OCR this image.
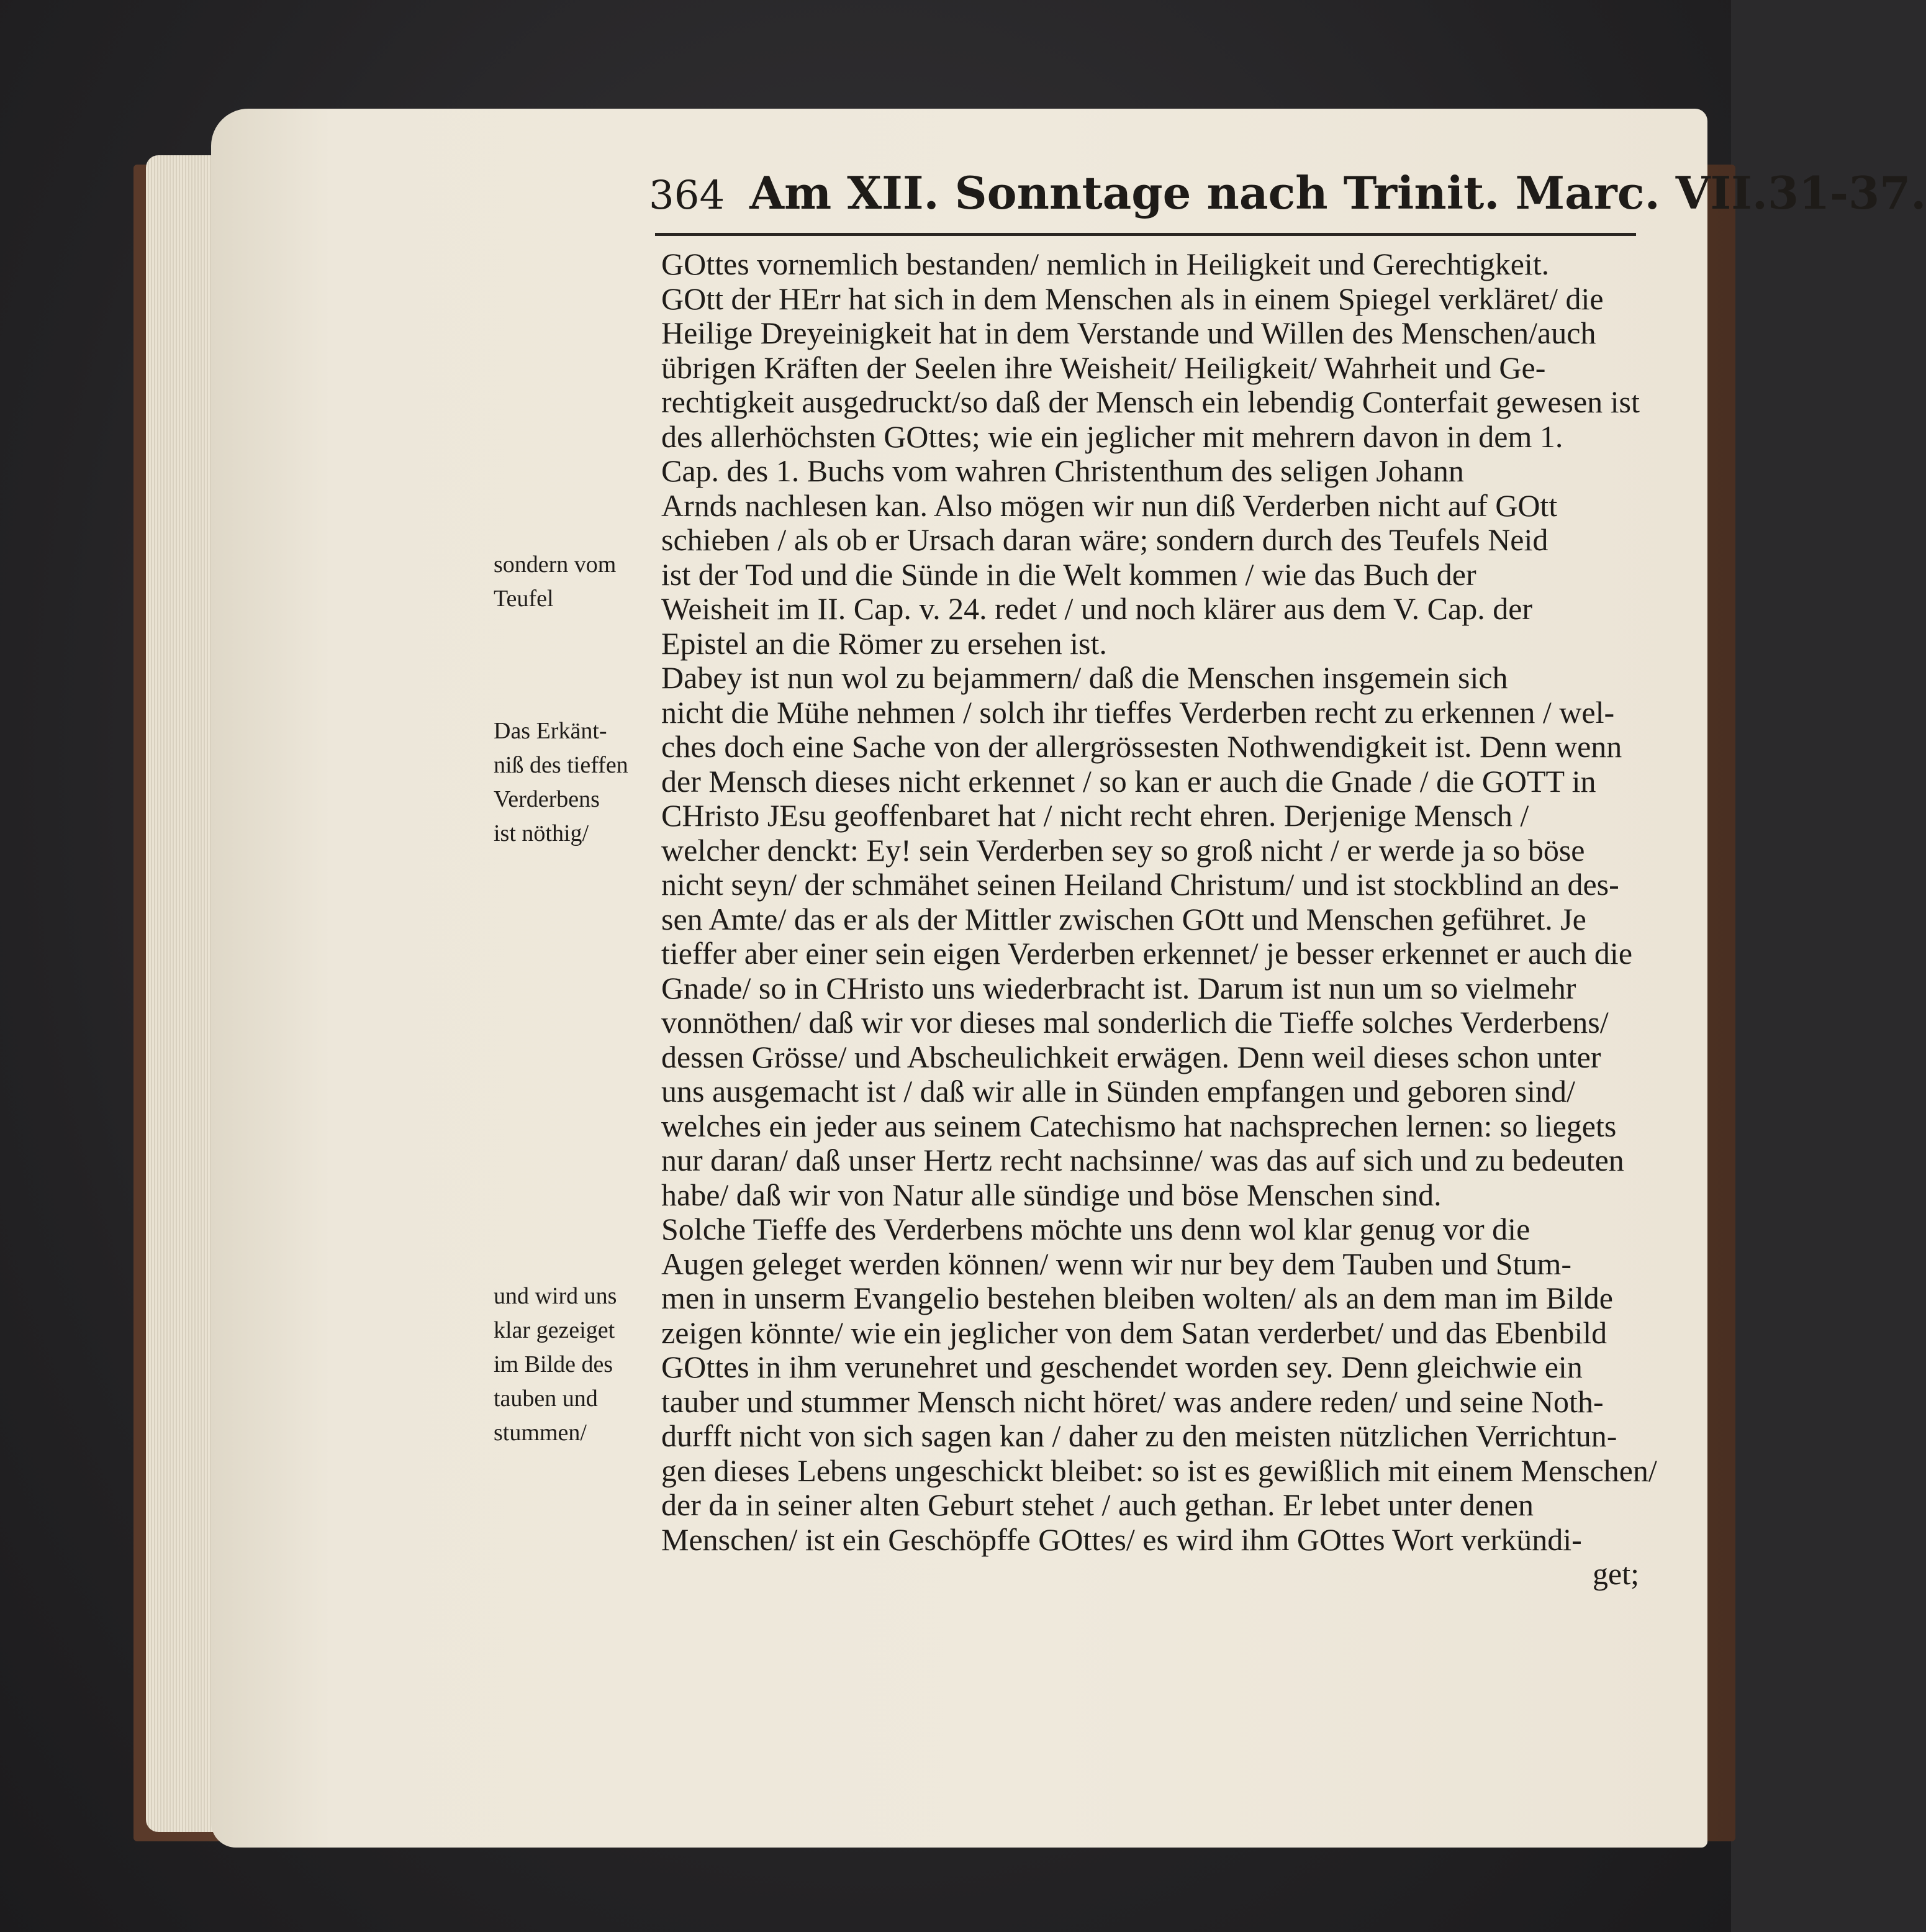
364 Am XII. Sonntage nach Trinit. Marc. VII.31-37.
GOttes vornemlich bestanden/ nemlich in Heiligkeit und Gerechtigkeit.
GOtt der HErr hat sich in dem Menschen als in einem Spiegel verkläret/ die
Heilige Dreyeinigkeit hat in dem Verstande und Willen des Menschen/auch
übrigen Kräften der Seelen ihre Weisheit/ Heiligkeit/ Wahrheit und Ge-
rechtigkeit ausgedruckt/so daß der Mensch ein lebendig Conterfait gewesen ist
des allerhöchsten GOttes; wie ein jeglicher mit mehrern davon in dem 1.
Cap. des 1. Buchs vom wahren Christenthum des seligen Johann
Arnds nachlesen kan. Also mögen wir nun diß Verderben nicht auf GOtt
schieben / als ob er Ursach daran wäre; sondern durch des Teufels Neid
ist der Tod und die Sünde in die Welt kommen / wie das Buch der
Weisheit im II. Cap. v. 24. redet / und noch klärer aus dem V. Cap. der
Epistel an die Römer zu ersehen ist.
Dabey ist nun wol zu bejammern/ daß die Menschen insgemein sich
nicht die Mühe nehmen / solch ihr tieffes Verderben recht zu erkennen / wel-
ches doch eine Sache von der allergrössesten Nothwendigkeit ist. Denn wenn
der Mensch dieses nicht erkennet / so kan er auch die Gnade / die GOTT in
CHristo JEsu geoffenbaret hat / nicht recht ehren. Derjenige Mensch /
welcher denckt: Ey! sein Verderben sey so groß nicht / er werde ja so böse
nicht seyn/ der schmähet seinen Heiland Christum/ und ist stockblind an des-
sen Amte/ das er als der Mittler zwischen GOtt und Menschen geführet. Je
tieffer aber einer sein eigen Verderben erkennet/ je besser erkennet er auch die
Gnade/ so in CHristo uns wiederbracht ist. Darum ist nun um so vielmehr
vonnöthen/ daß wir vor dieses mal sonderlich die Tieffe solches Verderbens/
dessen Grösse/ und Abscheulichkeit erwägen. Denn weil dieses schon unter
uns ausgemacht ist / daß wir alle in Sünden empfangen und geboren sind/
welches ein jeder aus seinem Catechismo hat nachsprechen lernen: so liegets
nur daran/ daß unser Hertz recht nachsinne/ was das auf sich und zu bedeuten
habe/ daß wir von Natur alle sündige und böse Menschen sind.
Solche Tieffe des Verderbens möchte uns denn wol klar genug vor die
Augen geleget werden können/ wenn wir nur bey dem Tauben und Stum-
men in unserm Evangelio bestehen bleiben wolten/ als an dem man im Bilde
zeigen könnte/ wie ein jeglicher von dem Satan verderbet/ und das Ebenbild
GOttes in ihm verunehret und geschendet worden sey. Denn gleichwie ein
tauber und stummer Mensch nicht höret/ was andere reden/ und seine Noth-
durfft nicht von sich sagen kan / daher zu den meisten nützlichen Verrichtun-
gen dieses Lebens ungeschickt bleibet: so ist es gewißlich mit einem Menschen/
der da in seiner alten Geburt stehet / auch gethan. Er lebet unter denen
Menschen/ ist ein Geschöpffe GOttes/ es wird ihm GOttes Wort verkündi-
get;
sondern vom
Teufel
Das Erkänt-
niß des tieffen
Verderbens
ist nöthig/
und wird uns
klar gezeiget
im Bilde des
tauben und
stummen/
